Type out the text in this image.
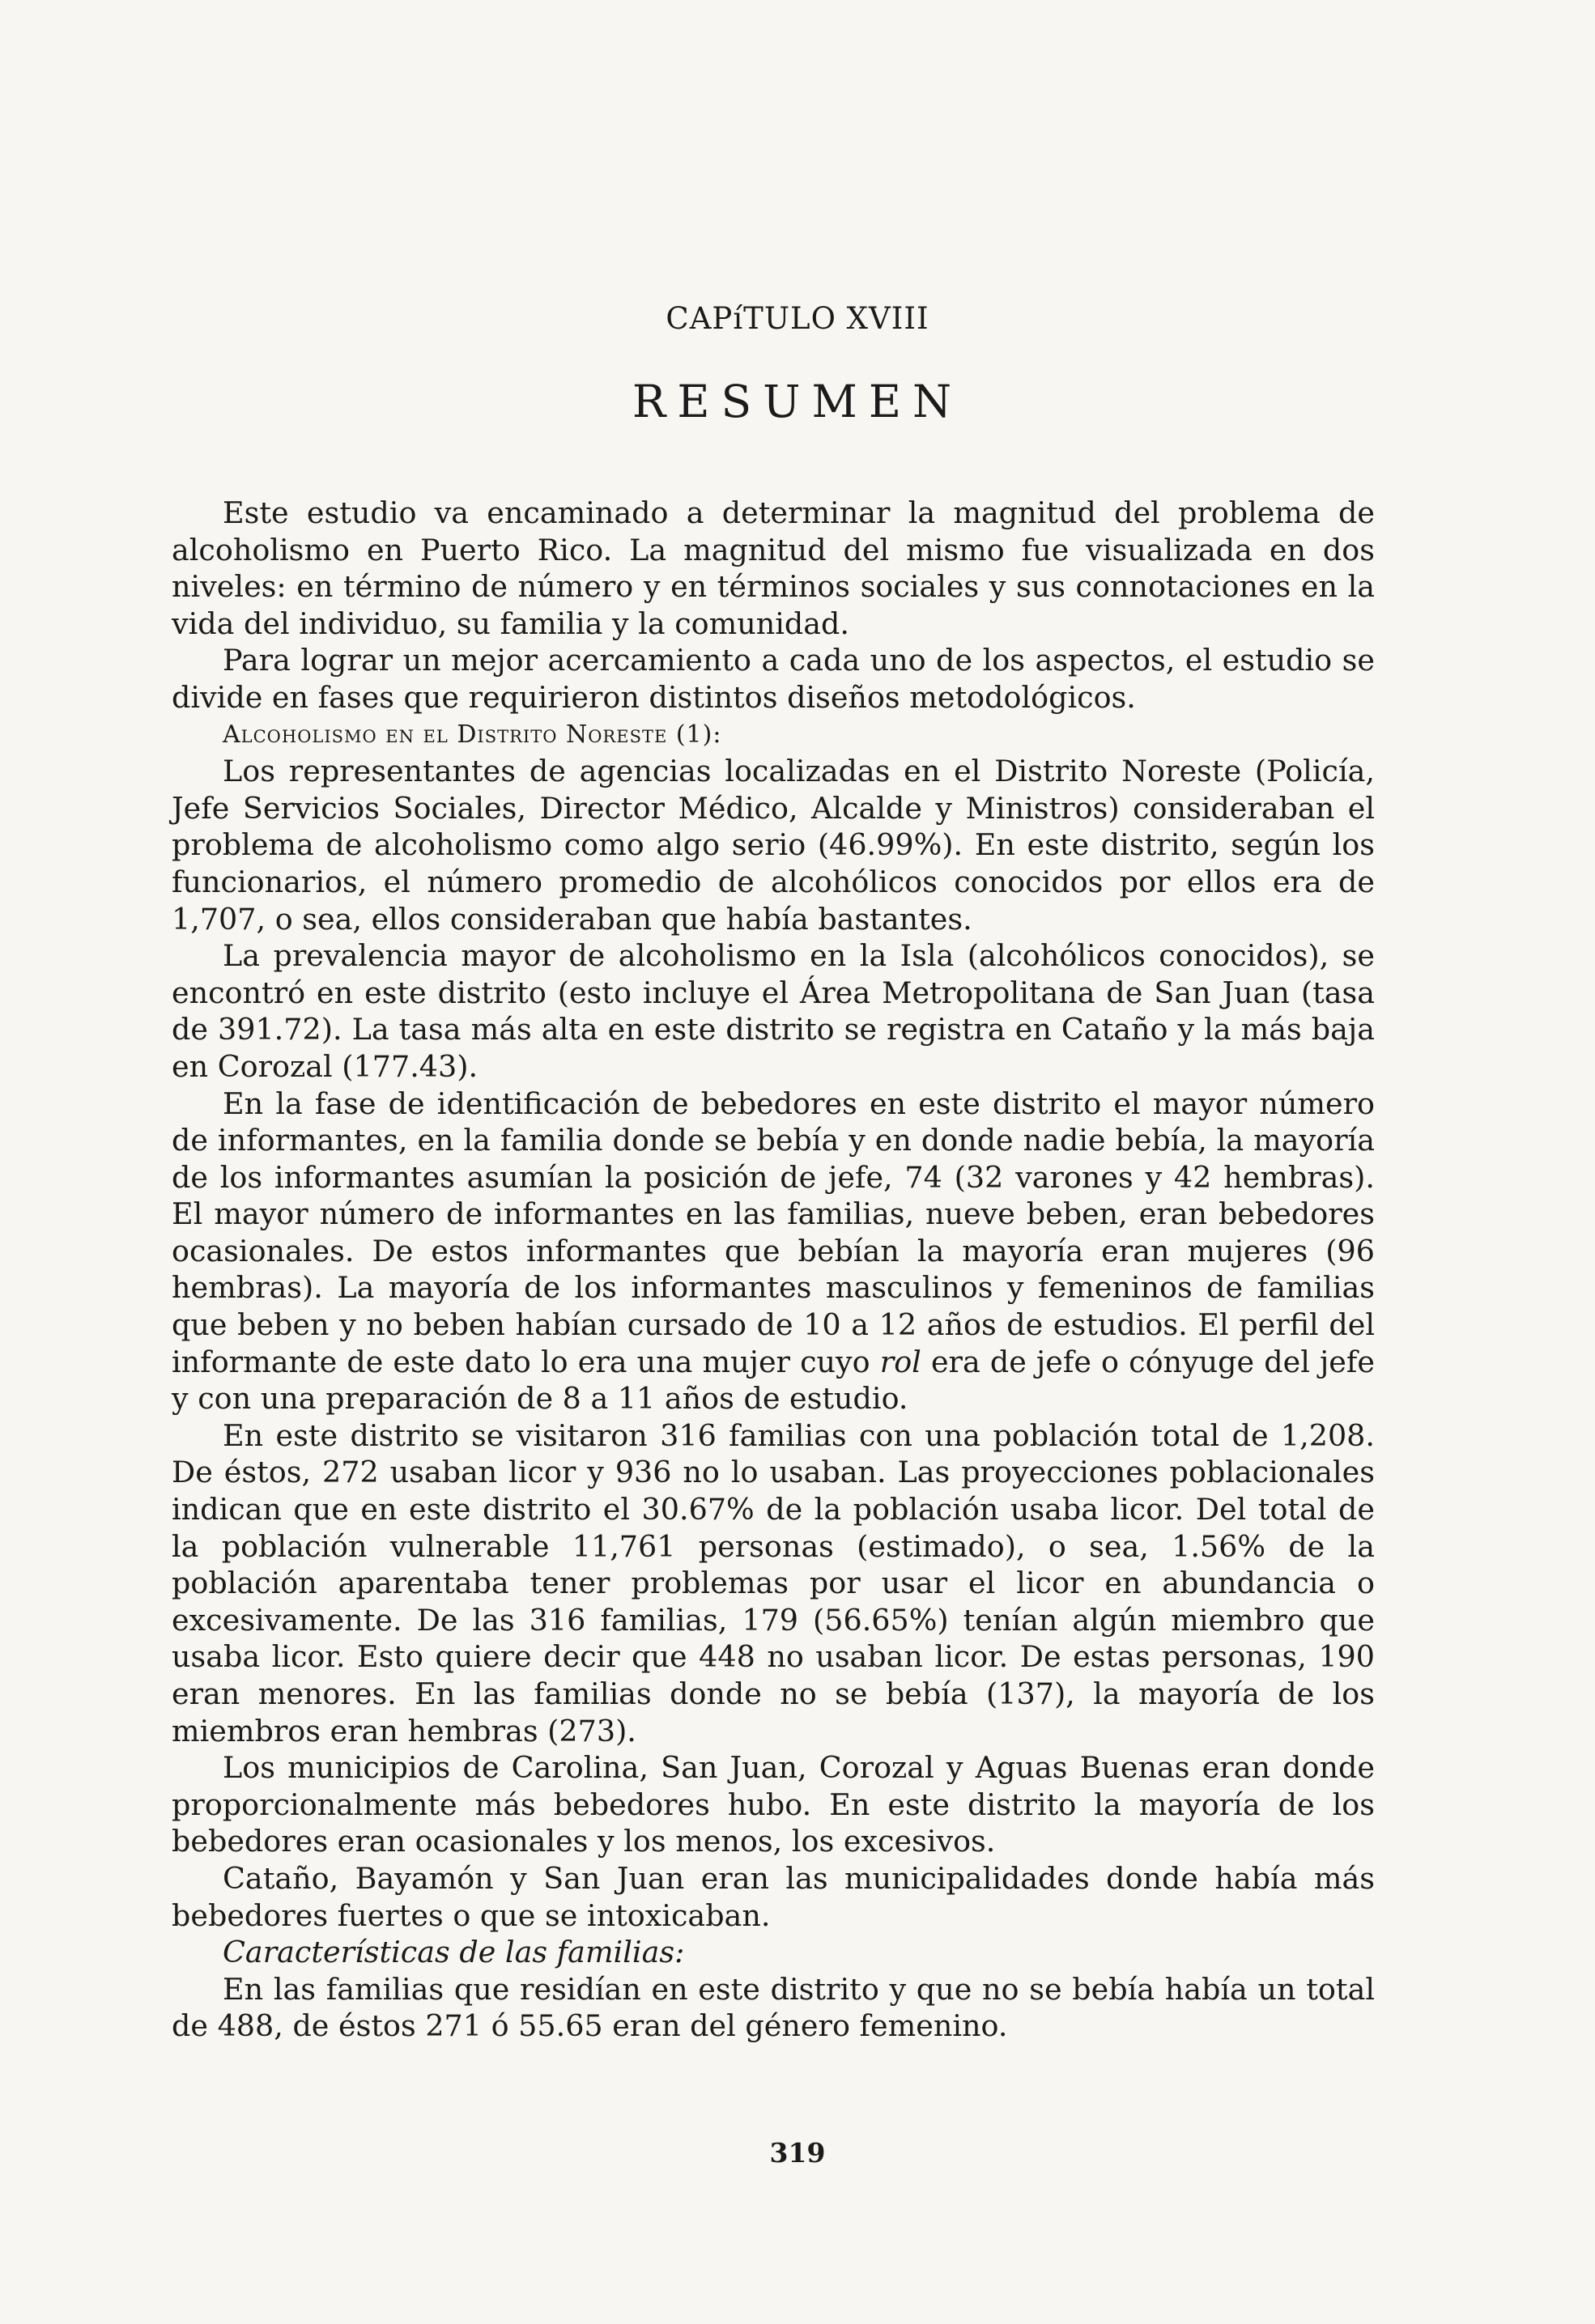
CAPíTULO XVIII
RESUMEN

Este estudio va encaminado a determinar la magnitud del problema de alcoholismo en Puerto Rico. La magnitud del mismo fue visualizada en dos niveles: en término de número y en términos sociales y sus connotaciones en la vida del individuo, su familia y la comunidad.

Para lograr un mejor acercamiento a cada uno de los aspectos, el estudio se divide en fases que requirieron distintos diseños metodológicos.

Alcoholismo en el Distrito Noreste (1):

Los representantes de agencias localizadas en el Distrito Noreste (Policía, Jefe Servicios Sociales, Director Médico, Alcalde y Ministros) consideraban el problema de alcoholismo como algo serio (46.99%). En este distrito, según los funcionarios, el número promedio de alcohólicos conocidos por ellos era de 1,707, o sea, ellos consideraban que había bastantes.

La prevalencia mayor de alcoholismo en la Isla (alcohólicos conocidos), se encontró en este distrito (esto incluye el Área Metropolitana de San Juan (tasa de 391.72). La tasa más alta en este distrito se registra en Cataño y la más baja en Corozal (177.43).

En la fase de identificación de bebedores en este distrito el mayor número de informantes, en la familia donde se bebía y en donde nadie bebía, la mayoría de los informantes asumían la posición de jefe, 74 (32 varones y 42 hembras). El mayor número de informantes en las familias, nueve beben, eran bebedores ocasionales. De estos informantes que bebían la mayoría eran mujeres (96 hembras). La mayoría de los informantes masculinos y femeninos de familias que beben y no beben habían cursado de 10 a 12 años de estudios. El perfil del informante de este dato lo era una mujer cuyo rol era de jefe o cónyuge del jefe y con una preparación de 8 a 11 años de estudio.

En este distrito se visitaron 316 familias con una población total de 1,208. De éstos, 272 usaban licor y 936 no lo usaban. Las proyecciones poblacionales indican que en este distrito el 30.67% de la población usaba licor. Del total de la población vulnerable 11,761 personas (estimado), o sea, 1.56% de la población aparentaba tener problemas por usar el licor en abundancia o excesivamente. De las 316 familias, 179 (56.65%) tenían algún miembro que usaba licor. Esto quiere decir que 448 no usaban licor. De estas personas, 190 eran menores. En las familias donde no se bebía (137), la mayoría de los miembros eran hembras (273).

Los municipios de Carolina, San Juan, Corozal y Aguas Buenas eran donde proporcionalmente más bebedores hubo. En este distrito la mayoría de los bebedores eran ocasionales y los menos, los excesivos.

Cataño, Bayamón y San Juan eran las municipalidades donde había más bebedores fuertes o que se intoxicaban.

Características de las familias:

En las familias que residían en este distrito y que no se bebía había un total de 488, de éstos 271 ó 55.65 eran del género femenino.

319
